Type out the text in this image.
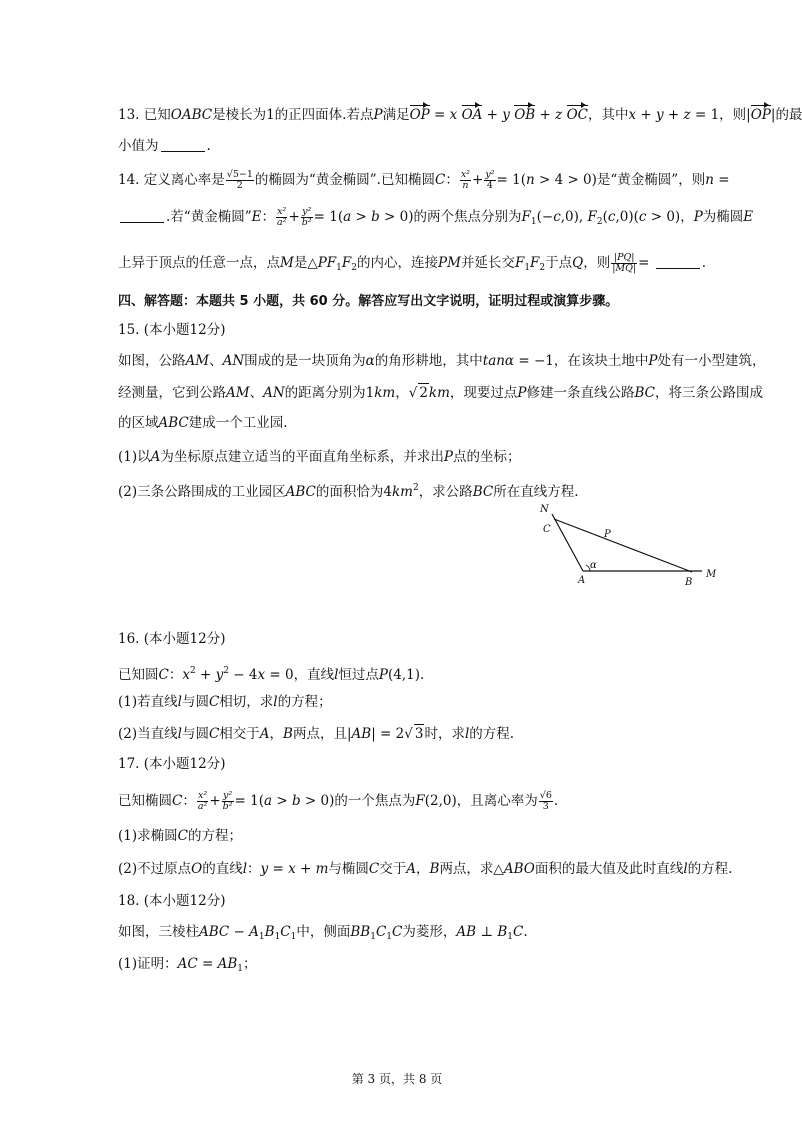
13. 已知OABC是棱长为1的正四面体.若点P满足OP = x OA + y OB + z OC，其中x + y + z = 1，则|OP|的最
小值为	.
14. 定义离心率是 $\frac{√5-1}{2}$ 的椭圆为“黄金椭圆”.已知椭圆C： $\frac{\text{x²}}{n} + \frac{\text{y²}}{4} = 1(n > 4 > 0)$是“黄金椭圆”，则n =
.若“黄金椭圆”E： $\frac{\text{x²}}{\text{a²}} + \frac{\text{y²}}{\text{b²}} = 1(a > b > 0)$的两个焦点分别为$F_1(-c,0)$, $F_2(c,0)(c > 0)$，P为椭圆E
上异于顶点的任意一点，点M是$\triangle PF_1F_2$的内心，连接PM并延长交$F_1F_2$于点Q，则 $\frac{|PQ|}{|MQ|}$ =	.
四、解答题：本题共 5 小题，共 60 分。解答应写出文字说明，证明过程或演算步骤。
15. (本小题12分)
如图，公路AM、AN围成的是一块顶角为α的角形耕地，其中tanα = −1，在该块土地中P处有一小型建筑，
经测量，它到公路AM、AN的距离分别为1km，√ 2km，现要过点P修建一条直线公路BC，将三条公路围成
的区域ABC建成一个工业园.
(1)以A为坐标原点建立适当的平面直角坐标系，并求出P点的坐标；
(2)三条公路围成的工业园区ABC的面积恰为$4km^2$，求公路BC所在直线方程.
N
C	P
α
A	B
M
16. (本小题12分)
已知圆C：$x^2 + y^2 - 4x = 0$，直线l恒过点P(4,1).
(1)若直线l与圆C相切，求l的方程；
(2)当直线l与圆C相交于A，B两点，且|AB| = 2√ 3时，求l的方程.
17. (本小题12分)
已知椭圆C： $\frac{\text{x²}}{\text{a²}} + \frac{\text{y²}}{\text{b²}} = 1(a > b > 0)$的一个焦点为F(2,0)，且离心率为 $\frac{√6}{3}$ .
(1)求椭圆C的方程；
(2)不过原点O的直线l：y = x + m与椭圆C交于A，B两点，求△ABO面积的最大值及此时直线l的方程.
18. (本小题12分)
如图，三棱柱ABC − $A_1B_1C_1$中，侧面$BB_1C_1C$为菱形，AB ⊥ $B_1C$.
(1)证明：AC = $AB_1$；
第 3 页，共 8 页
